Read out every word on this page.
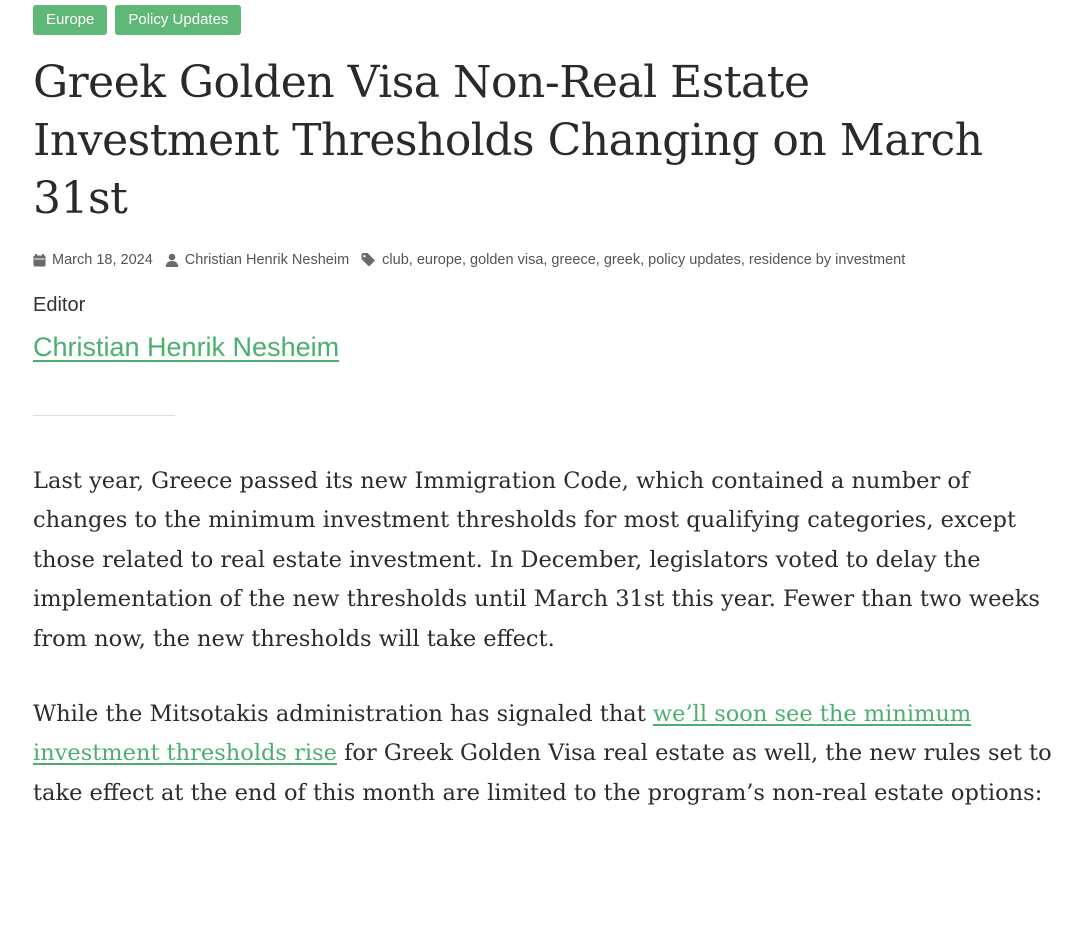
Europe	Policy Updates
Greek Golden Visa Non-Real Estate Investment Thresholds Changing on March 31st
March 18, 2024 Christian Henrik Nesheim club, europe, golden visa, greece, greek, policy updates, residence by investment
Editor
Christian Henrik Nesheim

Last year, Greece passed its new Immigration Code, which contained a number of changes to the minimum investment thresholds for most qualifying categories, except those related to real estate investment. In December, legislators voted to delay the implementation of the new thresholds until March 31st this year. Fewer than two weeks from now, the new thresholds will take effect.

While the Mitsotakis administration has signaled that we’ll soon see the minimum investment thresholds rise for Greek Golden Visa real estate as well, the new rules set to take effect at the end of this month are limited to the program’s non-real estate options:
